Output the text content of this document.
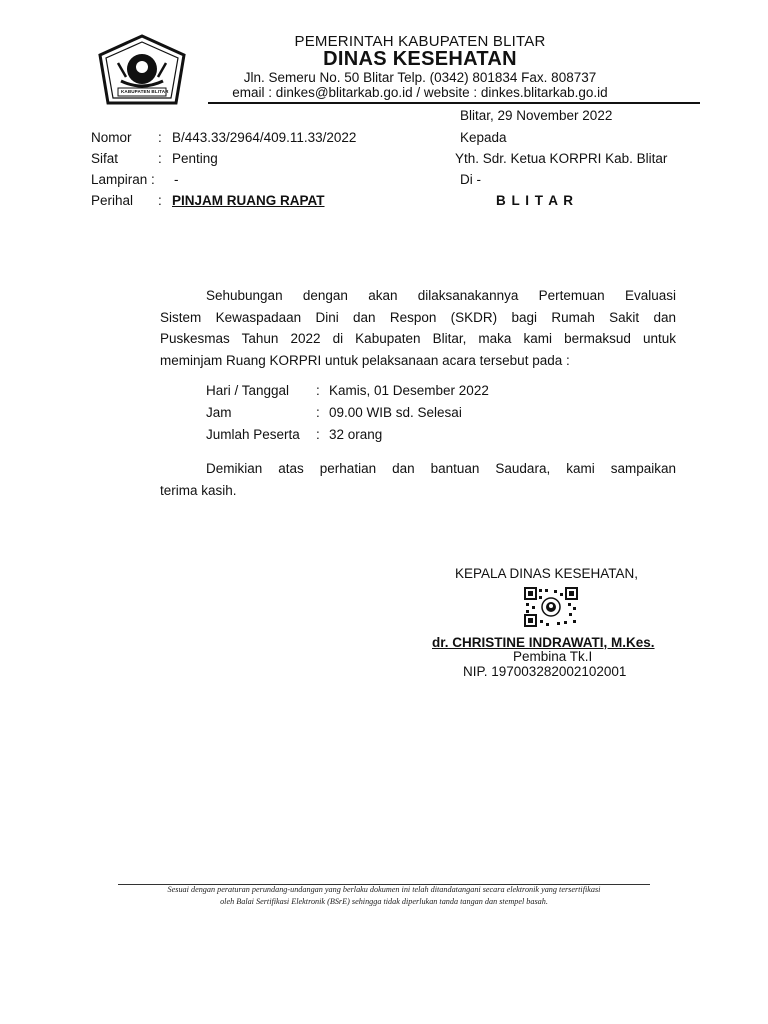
KABUPATEN BLITAR
PEMERINTAH KABUPATEN BLITAR
DINAS KESEHATAN
Jln. Semeru No. 50 Blitar Telp. (0342) 801834 Fax. 808737
email : dinkes@blitarkab.go.id / website : dinkes.blitarkab.go.id
Blitar, 29 November 2022
Nomor : B/443.33/2964/409.11.33/2022
Sifat	: Penting
Lampiran : -
Perihal : PINJAM RUANG RAPAT
Kepada
Yth. Sdr. Ketua KORPRI Kab. Blitar
Di -
B L I T A R
Sehubungan dengan akan dilaksanakannya Pertemuan Evaluasi
Sistem Kewaspadaan Dini dan Respon (SKDR) bagi Rumah Sakit dan
Puskesmas Tahun 2022 di Kabupaten Blitar, maka kami bermaksud untuk
meminjam Ruang KORPRI untuk pelaksanaan acara tersebut pada :
Hari / Tanggal : Kamis, 01 Desember 2022
Jam	: 09.00 WIB sd. Selesai
Jumlah Peserta : 32 orang
Demikian atas perhatian dan bantuan Saudara, kami sampaikan
terima kasih.
KEPALA DINAS KESEHATAN,
dr. CHRISTINE INDRAWATI, M.Kes.
Pembina Tk.I
NIP. 197003282002102001
Sesuai dengan peraturan perundang-undangan yang berlaku dokumen ini telah ditandatangani secara elektronik yang tersertifikasi
oleh Balai Sertifikasi Elektronik (BSrE) sehingga tidak diperlukan tanda tangan dan stempel basah.
